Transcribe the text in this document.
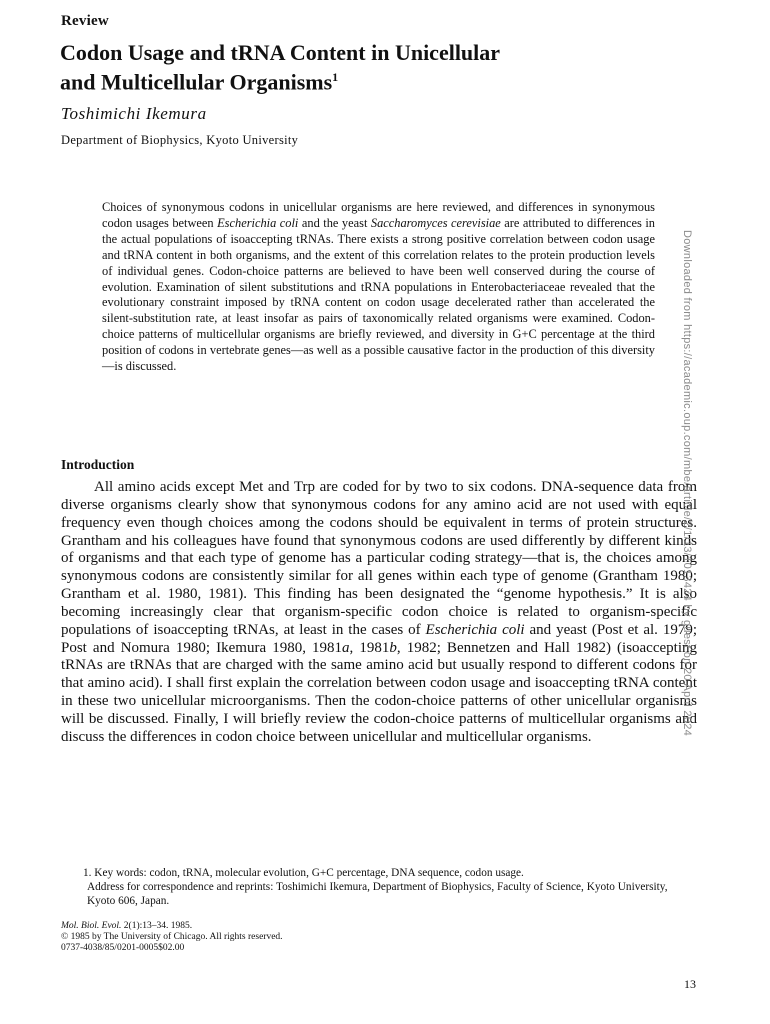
Review
Codon Usage and tRNA Content in Unicellular
and Multicellular Organisms$^1$
Toshimichi Ikemura
Department of Biophysics, Kyoto University

Choices of synonymous codons in unicellular organisms are here reviewed, and differences in synonymous codon usages between Escherichia coli and the yeast Saccharomyces cerevisiae are attributed to differences in the actual populations of isoaccepting tRNAs. There exists a strong positive correlation between codon usage and tRNA content in both organisms, and the extent of this correlation relates to the protein production levels of individual genes. Codon-choice patterns are believed to have been well conserved during the course of evolution. Examination of silent substitutions and tRNA populations in Enterobacteriaceae revealed that the evolutionary constraint imposed by tRNA content on codon usage decelerated rather than accelerated the silent-substitution rate, at least insofar as pairs of taxonomically related organisms were examined. Codon-choice patterns of multicellular organisms are briefly reviewed, and diversity in G+C percentage at the third position of codons in vertebrate genes—as well as a possible causative factor in the production of this diversity—is discussed.

Introduction

All amino acids except Met and Trp are coded for by two to six codons. DNA-sequence data from diverse organisms clearly show that synonymous codons for any amino acid are not used with equal frequency even though choices among the codons should be equivalent in terms of protein structures. Grantham and his colleagues have found that synonymous codons are used differently by different kinds of organisms and that each type of genome has a particular coding strategy—that is, the choices among synonymous codons are consistently similar for all genes within each type of genome (Grantham 1980; Grantham et al. 1980, 1981). This finding has been designated the “genome hypothesis.” It is also becoming increasingly clear that organism-specific codon choice is related to organism-specific populations of isoaccepting tRNAs, at least in the cases of Escherichia coli and yeast (Post et al. 1979; Post and Nomura 1980; Ikemura 1980, 1981a, 1981b, 1982; Bennetzen and Hall 1982) (isoaccepting tRNAs are tRNAs that are charged with the same amino acid but usually respond to different codons for that amino acid). I shall first explain the correlation between codon usage and isoaccepting tRNA content in these two unicellular microorganisms. Then the codon-choice patterns of other unicellular organisms will be discussed. Finally, I will briefly review the codon-choice patterns of multicellular organisms and discuss the differences in codon choice between unicellular and multicellular organisms.

1. Key words: codon, tRNA, molecular evolution, G+C percentage, DNA sequence, codon usage.
Address for correspondence and reprints: Toshimichi Ikemura, Department of Biophysics, Faculty of Science, Kyoto University, Kyoto 606, Japan.
Mol. Biol. Evol. 2(1):13–34. 1985.
© 1985 by The University of Chicago. All rights reserved.
0737-4038/85/0201-0005$02.00
13
Downloaded from https://academic.oup.com/mbe/article/2/1/13/1013424 by guest on 20 April 2024
